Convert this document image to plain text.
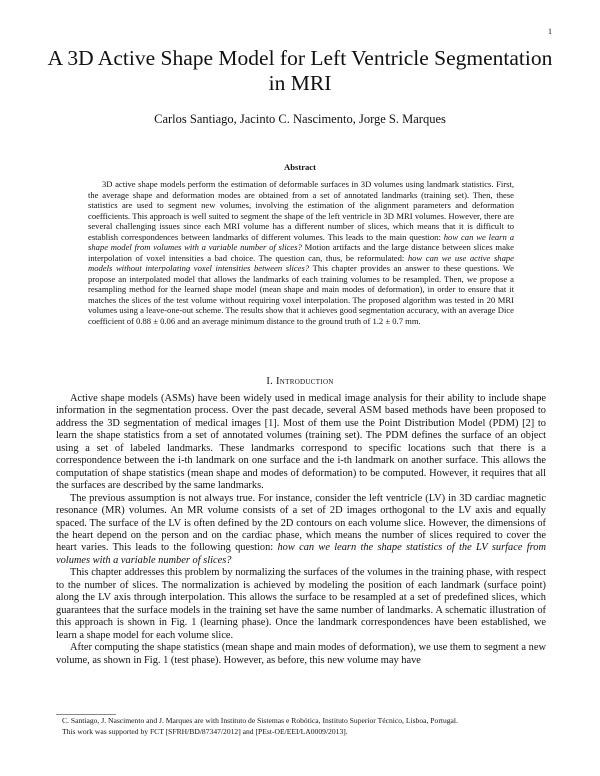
1
A 3D Active Shape Model for Left Ventricle Segmentation in MRI
Carlos Santiago, Jacinto C. Nascimento, Jorge S. Marques
Abstract

3D active shape models perform the estimation of deformable surfaces in 3D volumes using landmark statistics. First, the average shape and deformation modes are obtained from a set of annotated landmarks (training set). Then, these statistics are used to segment new volumes, involving the estimation of the alignment parameters and deformation coefficients. This approach is well suited to segment the shape of the left ventricle in 3D MRI volumes. However, there are several challenging issues since each MRI volume has a different number of slices, which means that it is difficult to establish correspondences between landmarks of different volumes. This leads to the main question: how can we learn a shape model from volumes with a variable number of slices? Motion artifacts and the large distance between slices make interpolation of voxel intensities a bad choice. The question can, thus, be reformulated: how can we use active shape models without interpolating voxel intensities between slices? This chapter provides an answer to these questions. We propose an interpolated model that allows the landmarks of each training volumes to be resampled. Then, we propose a resampling method for the learned shape model (mean shape and main modes of deformation), in order to ensure that it matches the slices of the test volume without requiring voxel interpolation. The proposed algorithm was tested in 20 MRI volumes using a leave-one-out scheme. The results show that it achieves good segmentation accuracy, with an average Dice coefficient of 0.88 ± 0.06 and an average minimum distance to the ground truth of 1.2 ± 0.7 mm.

I. Introduction

Active shape models (ASMs) have been widely used in medical image analysis for their ability to include shape information in the segmentation process. Over the past decade, several ASM based methods have been proposed to address the 3D segmentation of medical images [1]. Most of them use the Point Distribution Model (PDM) [2] to learn the shape statistics from a set of annotated volumes (training set). The PDM defines the surface of an object using a set of labeled landmarks. These landmarks correspond to specific locations such that there is a correspondence between the i-th landmark on one surface and the i-th landmark on another surface. This allows the computation of shape statistics (mean shape and modes of deformation) to be computed. However, it requires that all the surfaces are described by the same landmarks.

The previous assumption is not always true. For instance, consider the left ventricle (LV) in 3D cardiac magnetic resonance (MR) volumes. An MR volume consists of a set of 2D images orthogonal to the LV axis and equally spaced. The surface of the LV is often defined by the 2D contours on each volume slice. However, the dimensions of the heart depend on the person and on the cardiac phase, which means the number of slices required to cover the heart varies. This leads to the following question: how can we learn the shape statistics of the LV surface from volumes with a variable number of slices?

This chapter addresses this problem by normalizing the surfaces of the volumes in the training phase, with respect to the number of slices. The normalization is achieved by modeling the position of each landmark (surface point) along the LV axis through interpolation. This allows the surface to be resampled at a set of predefined slices, which guarantees that the surface models in the training set have the same number of landmarks. A schematic illustration of this approach is shown in Fig. 1 (learning phase). Once the landmark correspondences have been established, we learn a shape model for each volume slice.

After computing the shape statistics (mean shape and main modes of deformation), we use them to segment a new volume, as shown in Fig. 1 (test phase). However, as before, this new volume may have

C. Santiago, J. Nascimento and J. Marques are with Instituto de Sistemas e Robótica, Instituto Superior Técnico, Lisboa, Portugal.

This work was supported by FCT [SFRH/BD/87347/2012] and [PEst-OE/EEI/LA0009/2013].
